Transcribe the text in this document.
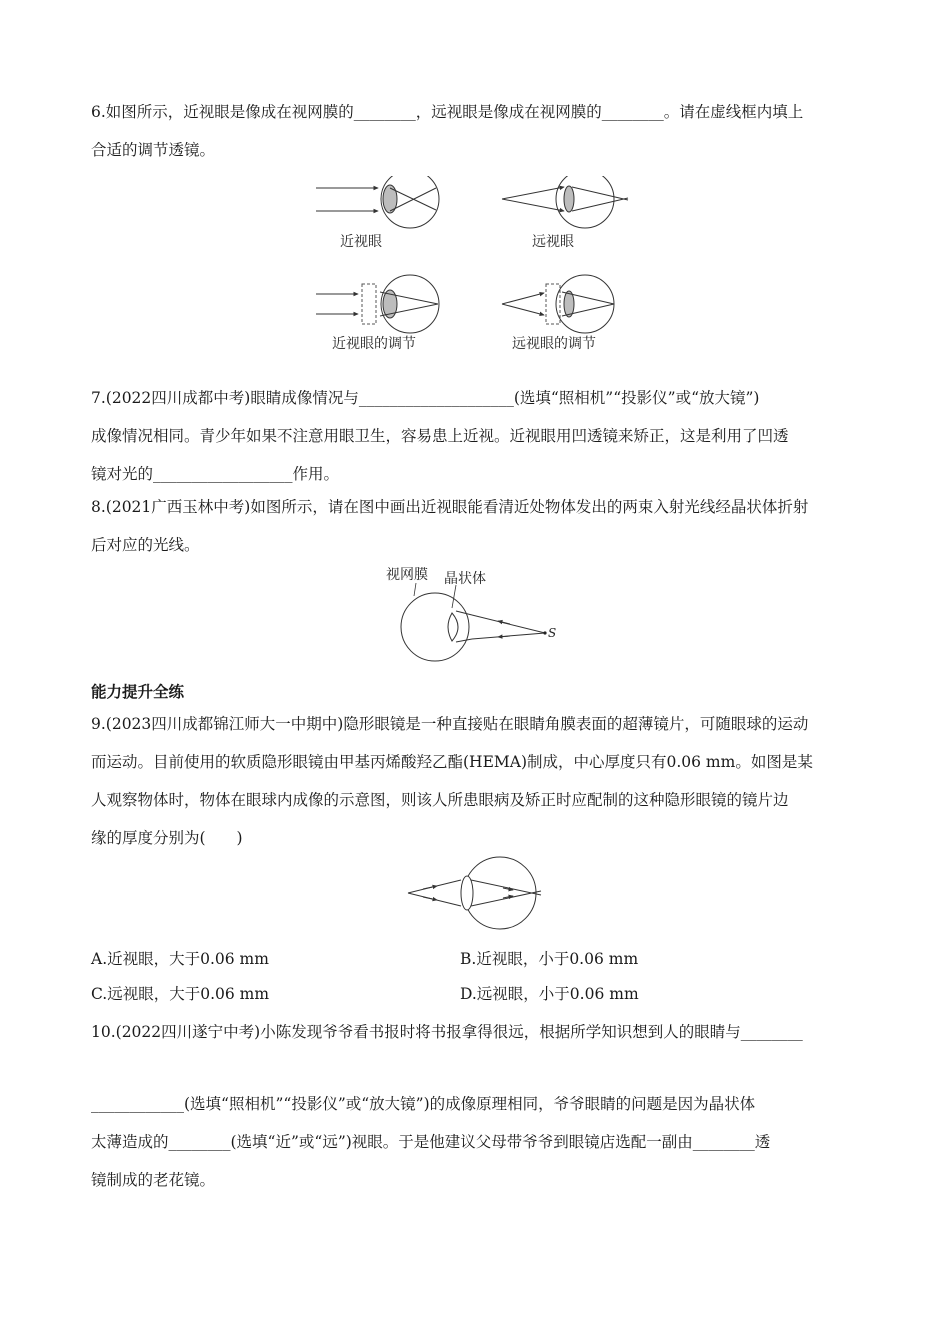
6.如图所示，近视眼是像成在视网膜的________，远视眼是像成在视网膜的________。请在虚线框内填上
合适的调节透镜。
近视眼	远视眼
近视眼的调节	远视眼的调节
7.(2022四川成都中考)眼睛成像情况与____________________(选填“照相机”“投影仪”或“放大镜”)
成像情况相同。青少年如果不注意用眼卫生，容易患上近视。近视眼用凹透镜来矫正，这是利用了凹透
镜对光的__________________作用。
8.(2021广西玉林中考)如图所示，请在图中画出近视眼能看清近处物体发出的两束入射光线经晶状体折射
后对应的光线。
视网膜 晶状体
S
能力提升全练
9.(2023四川成都锦江师大一中期中)隐形眼镜是一种直接贴在眼睛角膜表面的超薄镜片，可随眼球的运动
而运动。目前使用的软质隐形眼镜由甲基丙烯酸羟乙酯(HEMA)制成，中心厚度只有0.06 mm。如图是某
人观察物体时，物体在眼球内成像的示意图，则该人所患眼病及矫正时应配制的这种隐形眼镜的镜片边
缘的厚度分别为(　　)
A.近视眼，大于0.06 mm	B.近视眼，小于0.06 mm
C.远视眼，大于0.06 mm	D.远视眼，小于0.06 mm
10.(2022四川遂宁中考)小陈发现爷爷看书报时将书报拿得很远，根据所学知识想到人的眼睛与________
____________(选填“照相机”“投影仪”或“放大镜”)的成像原理相同，爷爷眼睛的问题是因为晶状体
太薄造成的________(选填“近”或“远”)视眼。于是他建议父母带爷爷到眼镜店选配一副由________透
镜制成的老花镜。
